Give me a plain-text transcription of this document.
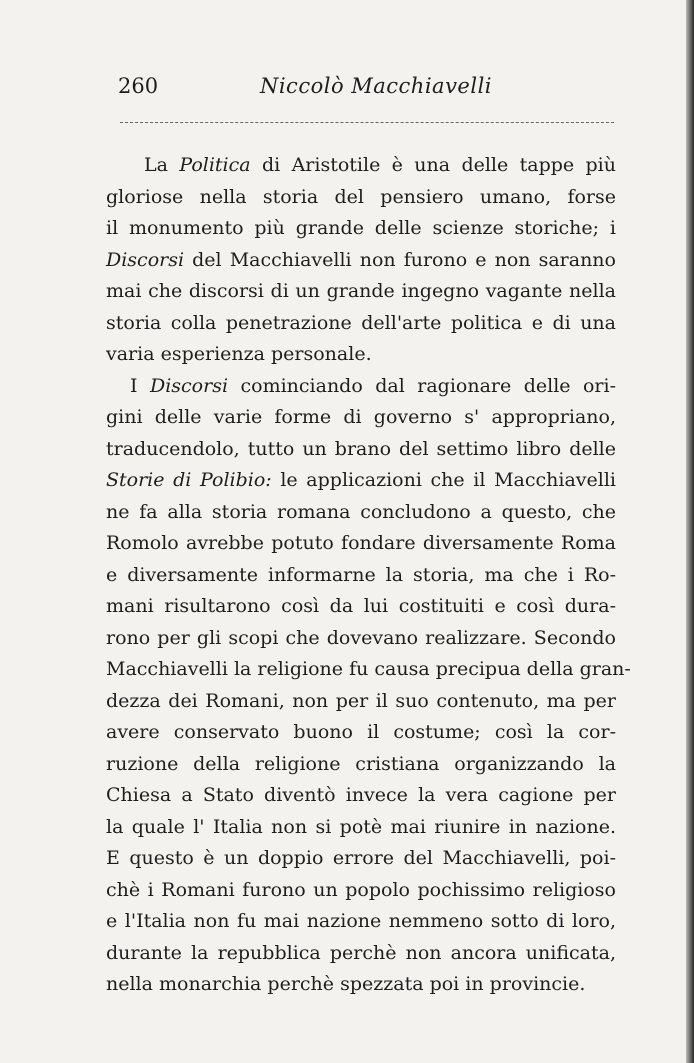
260	Niccolò Macchiavelli
La Politica di Aristotile è una delle tappe più
gloriose nella storia del pensiero umano, forse
il monumento più grande delle scienze storiche; i
Discorsi del Macchiavelli non furono e non saranno
mai che discorsi di un grande ingegno vagante nella
storia colla penetrazione dell'arte politica e di una
varia esperienza personale.
I Discorsi cominciando dal ragionare delle ori-
gini delle varie forme di governo s' appropriano,
traducendolo, tutto un brano del settimo libro delle
Storie di Polibio: le applicazioni che il Macchiavelli
ne fa alla storia romana concludono a questo, che
Romolo avrebbe potuto fondare diversamente Roma
e diversamente informarne la storia, ma che i Ro-
mani risultarono così da lui costituiti e così dura-
rono per gli scopi che dovevano realizzare. Secondo
Macchiavelli la religione fu causa precipua della gran-
dezza dei Romani, non per il suo contenuto, ma per
avere conservato buono il costume; così la cor-
ruzione della religione cristiana organizzando la
Chiesa a Stato diventò invece la vera cagione per
la quale l' Italia non si potè mai riunire in nazione.
E questo è un doppio errore del Macchiavelli, poi-
chè i Romani furono un popolo pochissimo religioso
e l'Italia non fu mai nazione nemmeno sotto di loro,
durante la repubblica perchè non ancora unificata,
nella monarchia perchè spezzata poi in provincie.
